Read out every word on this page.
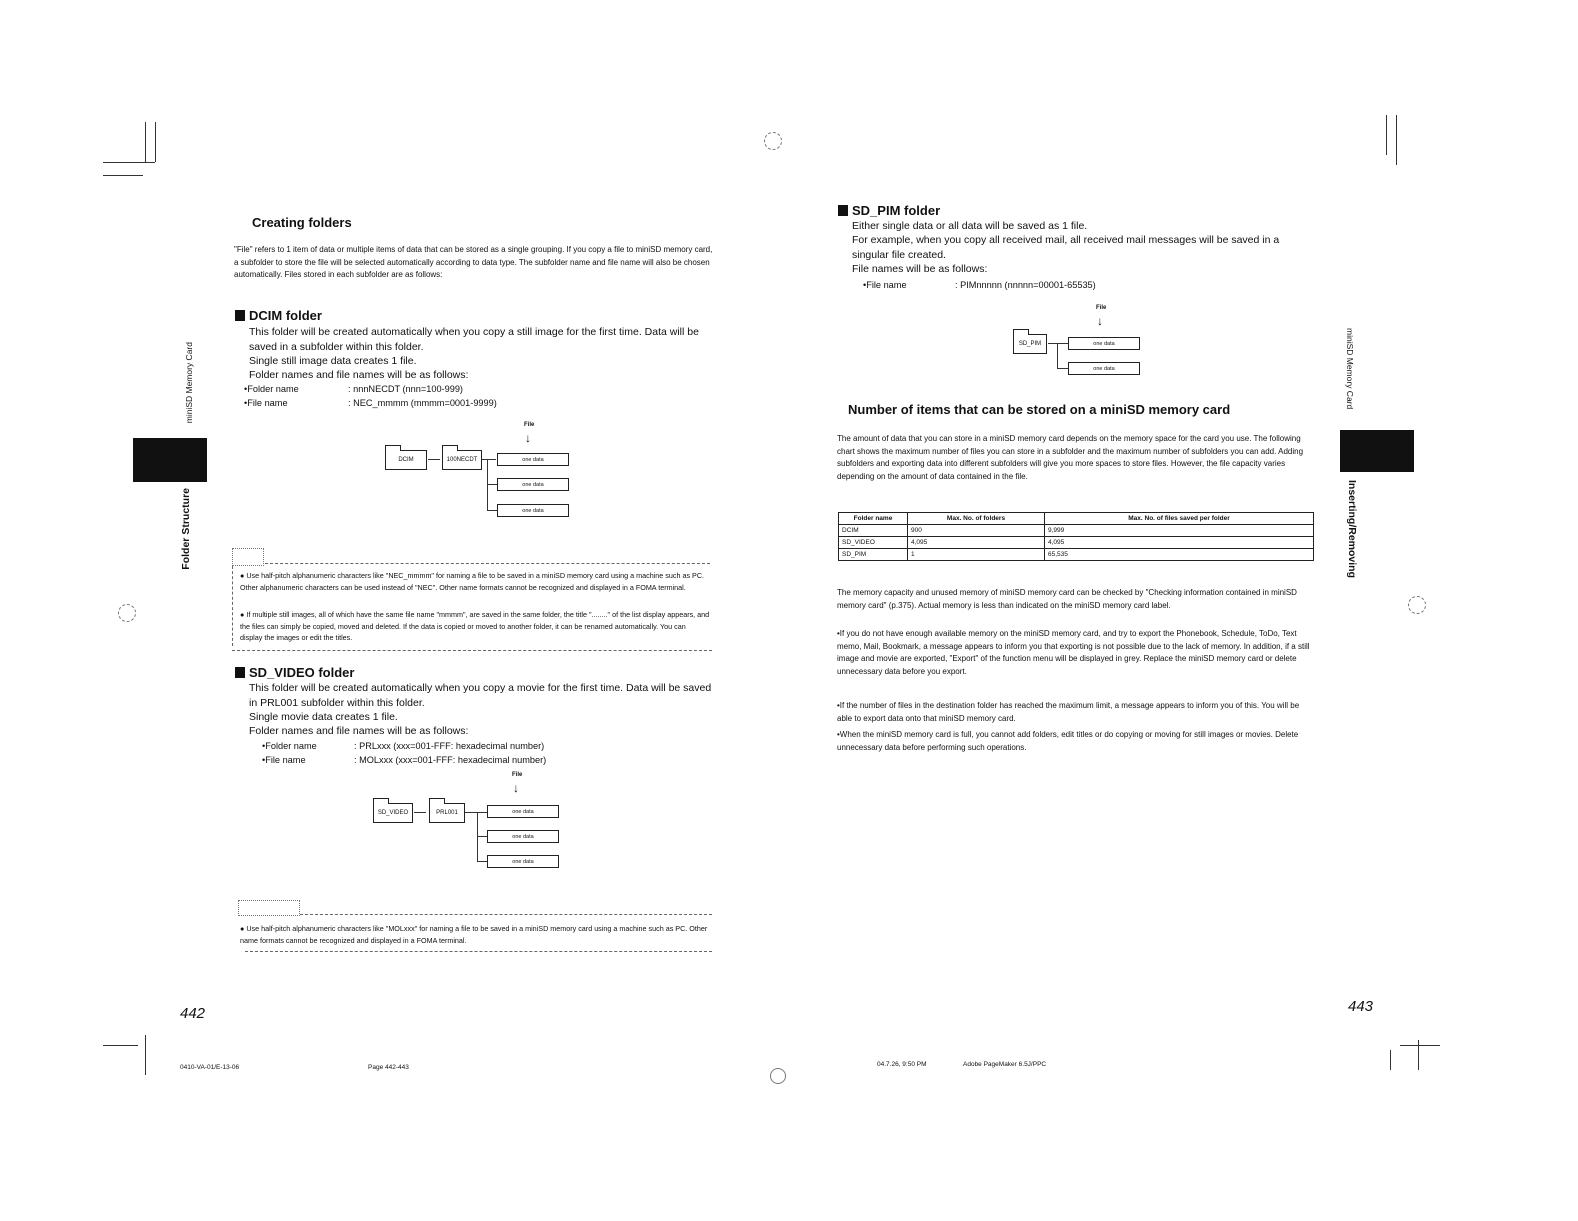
Creating folders
"File" refers to 1 item of data or multiple items of data that can be stored as a single grouping. If you copy a file to miniSD memory card, a subfolder to store the file will be selected automatically according to data type. The subfolder name and file name will also be chosen automatically. Files stored in each subfolder are as follows:
DCIM folder
This folder will be created automatically when you copy a still image for the first time. Data will be saved in a subfolder within this folder.
Single still image data creates 1 file.
Folder names and file names will be as follows:
•Folder name	: nnnNECDT (nnn=100-999)
•File name	: NEC_mmmm (mmmm=0001-9999)
File
↓
DCIM	100NECDT	one data
one data
one data
● Use half-pitch alphanumeric characters like "NEC_mmmm" for naming a file to be saved in a miniSD memory card using a machine such as PC. Other alphanumeric characters can be used instead of "NEC". Other name formats cannot be recognized and displayed in a FOMA terminal.
● If multiple still images, all of which have the same file name "mmmm", are saved in the same folder, the title "........" of the list display appears, and the files can simply be copied, moved and deleted. If the data is copied or moved to another folder, it can be renamed automatically. You can display the images or edit the titles.
SD_VIDEO folder
This folder will be created automatically when you copy a movie for the first time. Data will be saved in PRL001 subfolder within this folder.
Single movie data creates 1 file.
Folder names and file names will be as follows:
•Folder name	: PRLxxx (xxx=001-FFF: hexadecimal number)
•File name	: MOLxxx (xxx=001-FFF: hexadecimal number)
File
↓
SD_VIDEO	PRL001	one data
one data
one data
● Use half-pitch alphanumeric characters like "MOLxxx" for naming a file to be saved in a miniSD memory card using a machine such as PC. Other name formats cannot be recognized and displayed in a FOMA terminal.
miniSD Memory Card
Folder Structure
442
0410-VA-01/E-13-06	Page 442-443
SD_PIM folder
Either single data or all data will be saved as 1 file.
For example, when you copy all received mail, all received mail messages will be saved in a singular file created.
File names will be as follows:
•File name	: PIMnnnnn (nnnnn=00001-65535)
File
↓
SD_PIM	one data
one data
Number of items that can be stored on a miniSD memory card
The amount of data that you can store in a miniSD memory card depends on the memory space for the card you use. The following chart shows the maximum number of files you can store in a subfolder and the maximum number of subfolders you can add. Adding subfolders and exporting data into different subfolders will give you more spaces to store files. However, the file capacity varies depending on the amount of data contained in the file.
Folder name	Max. No. of folders	Max. No. of files saved per folder
DCIM	900	9,999
SD_VIDEO	4,095	4,095
SD_PIM	1	65,535
The memory capacity and unused memory of miniSD memory card can be checked by "Checking information contained in miniSD memory card" (p.375). Actual memory is less than indicated on the miniSD memory card label.
•If you do not have enough available memory on the miniSD memory card, and try to export the Phonebook, Schedule, ToDo, Text memo, Mail, Bookmark, a message appears to inform you that exporting is not possible due to the lack of memory. In addition, if a still image and movie are exported, "Export" of the function menu will be displayed in grey. Replace the miniSD memory card or delete unnecessary data before you export.
•If the number of files in the destination folder has reached the maximum limit, a message appears to inform you of this. You will be able to export data onto that miniSD memory card.
•When the miniSD memory card is full, you cannot add folders, edit titles or do copying or moving for still images or movies. Delete unnecessary data before performing such operations.
miniSD Memory Card
Inserting/Removing
443
04.7.26, 9:50 PM	Adobe PageMaker 6.5J/PPC
